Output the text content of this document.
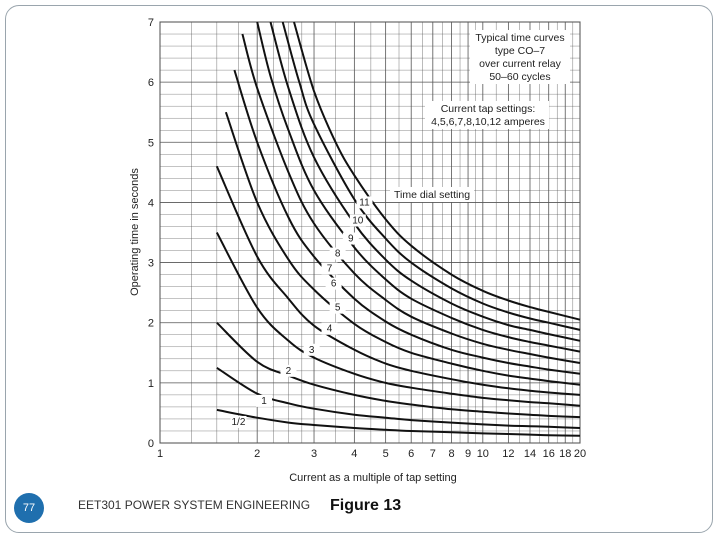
1	2	3	4 5 6 7 8 9 10 12 14 16 18 20
0
1
2
3
4
5
6
7
1/2
1
2
3
4
5
6
7
8
9
10
11
Current as a multiple of tap setting
Operating time in seconds
Typical time curves
type CO–7
over current relay
50–60 cycles
Current tap settings:
4,5,6,7,8,10,12 amperes
Time dial setting
77	EET301 POWER SYSTEM ENGINEERING Figure 13
